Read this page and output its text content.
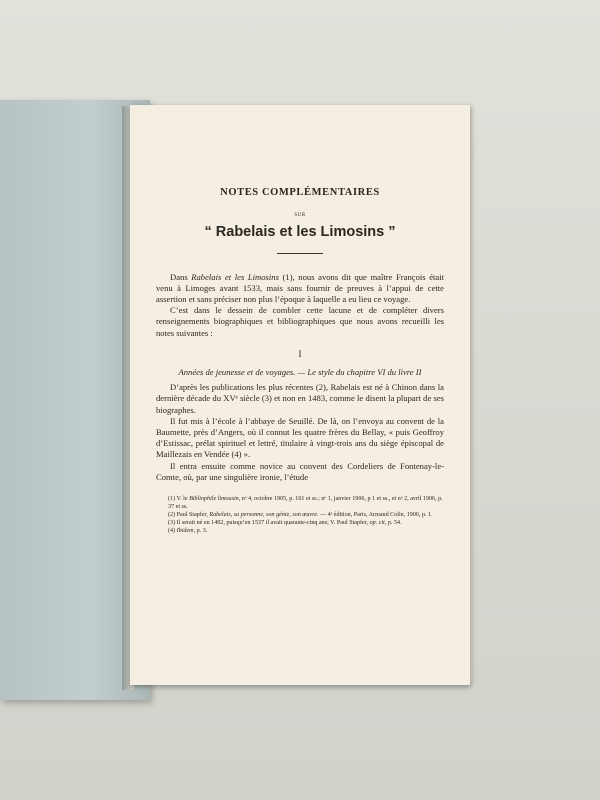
NOTES COMPLÉMENTAIRES
SUR
“ Rabelais et les Limosins ”

Dans Rabelais et les Limosins (1), nous avons dit que maître François était venu à Limoges avant 1533, mais sans fournir de preuves à l’appui de cette assertion et sans préciser non plus l’époque à laquelle a eu lieu ce voyage.

C’est dans le dessein de combler cette lacune et de compléter divers renseignements biographiques et bibliographiques que nous avons recueilli les notes suivantes :

I
Années de jeunesse et de voyages. — Le style du chapitre VI du livre II

D’après les publications les plus récentes (2), Rabelais est né à Chinon dans la dernière décade du XVᵉ siècle (3) et non en 1483, comme le disent la plupart de ses biographes.

Il fut mis à l’école à l’abbaye de Seuillé. De là, on l’envoya au convent de la Baumette, près d’Angers, où il connut les quatre frères du Bellay, « puis Geoffroy d’Estissac, prélat spirituel et lettré, titulaire à vingt-trois ans du siège épiscopal de Maillezais en Vendée (4) ».

Il entra ensuite comme novice au convent des Cordeliers de Fontenay-le-Comte, où, par une singulière ironie, l’étude

(1) V. le Bibliophile limousin, nᵒ 4, octobre 1905, p. 101 et ss.; nᵒ 1, janvier 1906, p 1 et ss., et nᵒ 2, avril 1906, p. 37 et ss.
(2) Paul Stapfer, Rabelais, sa personne, son génie, son œuvre. — 4ᵉ édition, Paris, Armand Colin, 1906, p. 1.
(3) Il serait né en 1492, puisqu’en 1537 il avait quarante-cinq ans; V. Paul Stapfer, op. cit, p. 54.
(4) Ibidem, p. 3.
